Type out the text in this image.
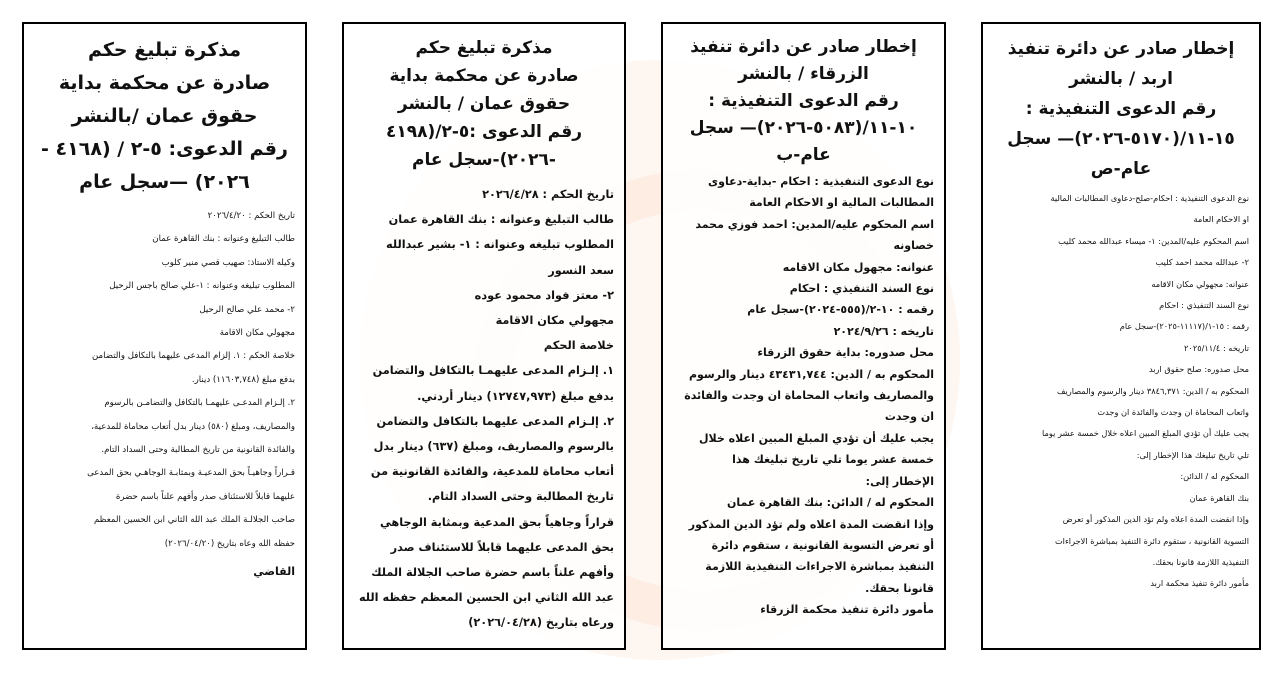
مذكرة تبليغ حكم
صادرة عن محكمة بداية
حقوق عمان /بالنشر
رقم الدعوى: ٥-٢ / (٤١٦٨ -
٢٠٢٦) —سجل عام

تاريخ الحكم : ٢٠٢٦/٤/٢٠

طالب التبليغ وعنوانه : بنك القاهرة عمان

وكيله الاستاذ: صهيب قصي منير كلوب

المطلوب تبليغه وعنوانه : ١-علي صالح باجس الرحيل

٢- محمد علي صالح الرحيل

مجهولي مكان الاقامة

خلاصة الحكم : ١. إلزام المدعى عليهما بالتكافل والتضامن

بدفع مبلغ (١١٦٠٣,٧٤٨) دينار.

٢. إلـزام المدعـى عليهمـا بالتكافل والتضامـن بالرسوم

والمصاريف، ومبلغ (٥٨٠) دينار بدل أتعاب محاماة للمدعية،

والفائدة القانونية من تاريخ المطالبة وحتى السداد التام.

قـراراً وجاهيـاً بحق المدعيـة وبمثابـة الوجاهـي بحق المدعى

عليهما قابلاً للاستئناف صدر وأفهم علناً باسم حضرة

صاحب الجلالـة الملك عبد الله الثاني ابن الحسين المعظم

حفظه الله وعاه بتاريخ (٢٠٢٦/٠٤/٢٠)

القاضي

مذكرة تبليغ حكم
صادرة عن محكمة بداية
حقوق عمان / بالنشر
رقم الدعوى :٥-٢/(٤١٩٨
-٢٠٢٦)-سجل عام

تاريخ الحكم : ٢٠٢٦/٤/٢٨

طالب التبليغ وعنوانه : بنك القاهرة عمان

المطلوب تبليغه وعنوانه : ١- بشير عبدالله

سعد النسور

٢- معتز فواد محمود عوده

مجهولي مكان الاقامة

خلاصة الحكم

١. إلـزام المدعى عليهمـا بالتكافل والتضامن

بدفع مبلغ (١٢٧٤٧,٩٧٣) دينار أردني.

٢. إلـزام المدعى عليهما بالتكافل والتضامن

بالرسوم والمصاريف، ومبلغ (٦٣٧) دينار بدل

أتعاب محاماة للمدعية، والفائدة القانونية من

تاريخ المطالبة وحتى السداد التام.

قراراً وجاهياً بحق المدعية وبمثابة الوجاهي

بحق المدعى عليهما قابلاً للاستئناف صدر

وأفهم علناً باسم حضرة صاحب الجلالة الملك

عبد الله الثاني ابن الحسين المعظم حفظه الله

ورعاه بتاريخ (٢٠٢٦/٠٤/٢٨)

إخطار صادر عن دائرة تنفيذ
الزرقاء / بالنشر
رقم الدعوى التنفيذية :
١٠-١١/(٥٠٨٣-٢٠٢٦)— سجل
عام-ب

نوع الدعوى التنفيذية : احكام -بداية-دعاوى

المطالبات المالية او الاحكام العامة

اسم المحكوم عليه/المدين: احمد فوزي محمد

خصاونه

عنوانه: مجهول مكان الاقامه

نوع السند التنفيذي : احكام

رقمه : ١٠-٢/(٥٥٥-٢٠٢٤)-سجل عام

تاريخه : ٢٠٢٤/٩/٢٦

محل صدوره: بداية حقوق الزرقاء

المحكوم به / الدين: ٤٣٤٣١,٧٤٤ دينار والرسوم

والمصاريف واتعاب المحاماة ان وجدت والفائدة

ان وجدت

يجب عليك أن تؤدي المبلغ المبين اعلاه خلال

خمسة عشر يوما تلي تاريخ تبليغك هذا

الإخطار إلى:

المحكوم له / الدائن: بنك القاهرة عمان

وإذا انقضت المدة اعلاه ولم تؤد الدين المذكور

أو تعرض التسوية القانونية ، ستقوم دائرة

التنفيذ بمباشرة الاجراءات التنفيذية اللازمة

قانونا بحقك.

مأمور دائرة تنفيذ محكمة الزرقاء

إخطار صادر عن دائرة تنفيذ
اربد / بالنشر
رقم الدعوى التنفيذية :
١٥-١١/(٥١٧٠-٢٠٢٦)— سجل
عام-ص

نوع الدعوى التنفيذية : احكام-صلح-دعاوى المطالبات المالية

او الاحكام العامة

اسم المحكوم عليه/المدين: ١- ميساء عبدالله محمد كليب

٢- عبدالله محمد احمد كليب

عنوانه: مجهولي مكان الاقامه

نوع السند التنفيذي : احكام

رقمه : ١٥-١/(١١١١٧-٢٠٢٥)-سجل عام

تاريخه : ٢٠٢٥/١١/٤

محل صدوره: صلح حقوق اربد

المحكوم به / الدين: ٣٨٤٦,٣٧١ دينار والرسوم والمصاريف

واتعاب المحاماة ان وجدت والفائدة ان وجدت

يجب عليك أن تؤدي المبلغ المبين اعلاه خلال خمسة عشر يوما

تلي تاريخ تبليغك هذا الإخطار إلى:

المحكوم له / الدائن:

بنك القاهرة عمان

وإذا انقضت المدة اعلاه ولم تؤد الدين المذكور أو تعرض

التسوية القانونية ، ستقوم دائرة التنفيذ بمباشرة الاجراءات

التنفيذية اللازمة قانونا بحقك.

مأمور دائرة تنفيذ محكمة اربد
